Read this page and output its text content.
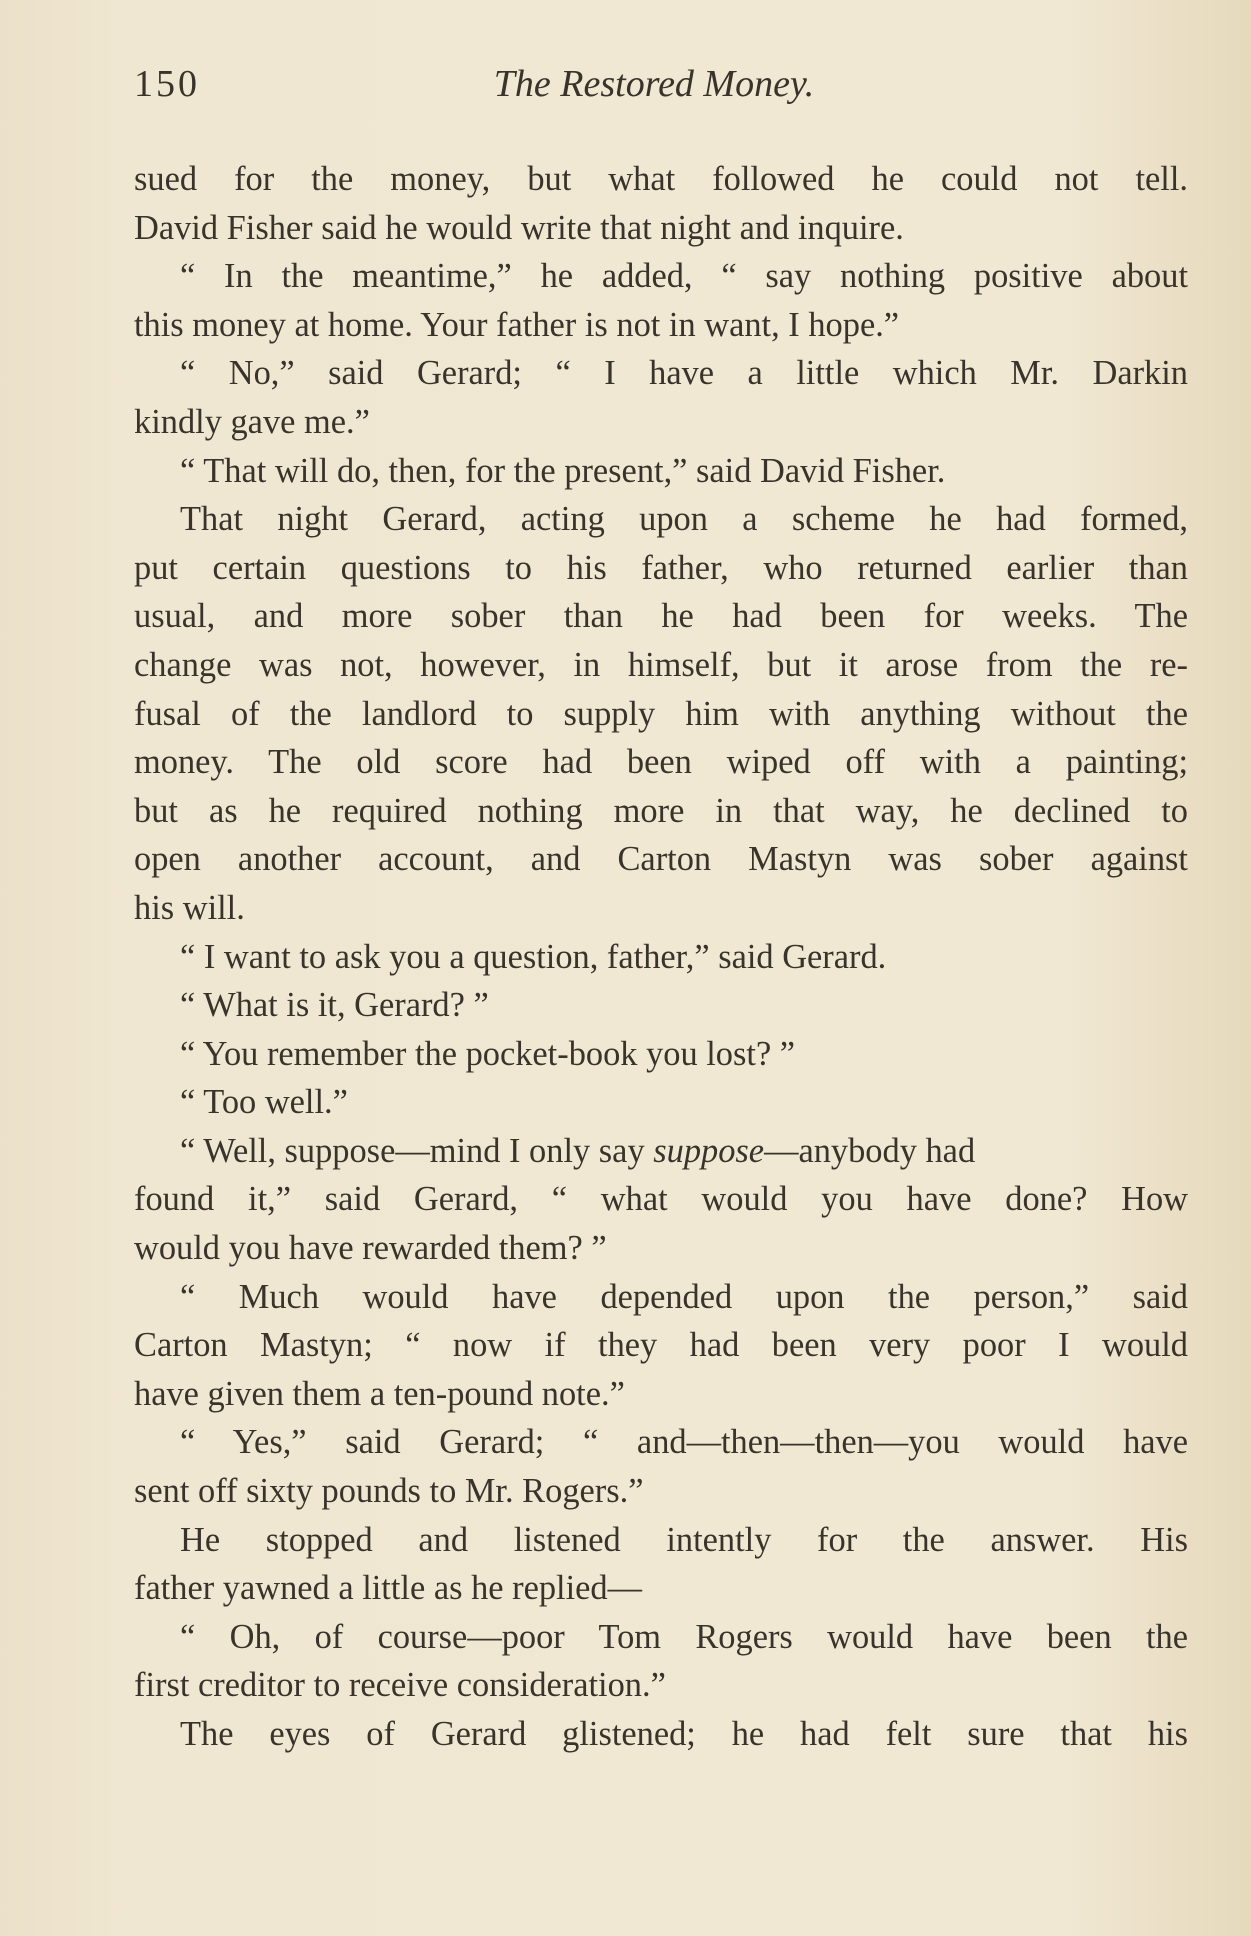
150	The Restored Money.
sued for the money, but what followed he could not tell.
David Fisher said he would write that night and inquire.
“ In the meantime,” he added, “ say nothing positive about
this money at home. Your father is not in want, I hope.”
“ No,” said Gerard; “ I have a little which Mr. Darkin
kindly gave me.”
“ That will do, then, for the present,” said David Fisher.
That night Gerard, acting upon a scheme he had formed,
put certain questions to his father, who returned earlier than
usual, and more sober than he had been for weeks. The
change was not, however, in himself, but it arose from the re-
fusal of the landlord to supply him with anything without the
money. The old score had been wiped off with a painting;
but as he required nothing more in that way, he declined to
open another account, and Carton Mastyn was sober against
his will.
“ I want to ask you a question, father,” said Gerard.
“ What is it, Gerard? ”
“ You remember the pocket-book you lost? ”
“ Too well.”
“ Well, suppose—mind I only say suppose—anybody had
found it,” said Gerard, “ what would you have done? How
would you have rewarded them? ”
“ Much would have depended upon the person,” said
Carton Mastyn; “ now if they had been very poor I would
have given them a ten-pound note.”
“ Yes,” said Gerard; “ and—then—then—you would have
sent off sixty pounds to Mr. Rogers.”
He stopped and listened intently for the answer. His
father yawned a little as he replied—
“ Oh, of course—poor Tom Rogers would have been the
first creditor to receive consideration.”
The eyes of Gerard glistened; he had felt sure that his
